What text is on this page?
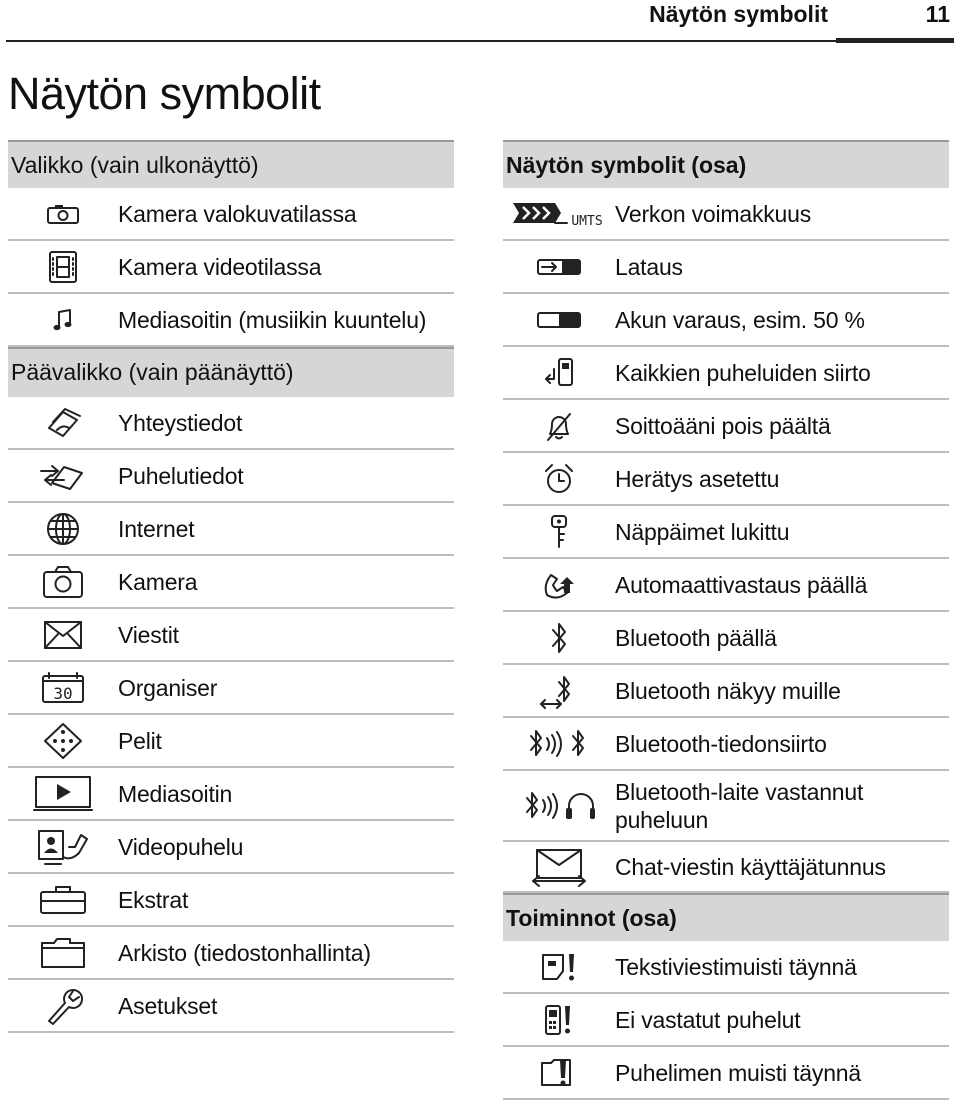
Näytön symbolit	11
Näytön symbolit
Valikko (vain ulkonäyttö)
Kamera valokuvatilassa
Kamera videotilassa
Mediasoitin (musiikin kuuntelu)
Päävalikko (vain päänäyttö)
Yhteystiedot
Puhelutiedot
Internet
Kamera
Viestit
30 Organiser
Pelit
Mediasoitin
Videopuhelu
Ekstrat
Arkisto (tiedostonhallinta)
Asetukset
Näytön symbolit (osa)
UMTS Verkon voimakkuus
Lataus
Akun varaus, esim. 50 %
Kaikkien puheluiden siirto
Soittoääni pois päältä
Herätys asetettu
Näppäimet lukittu
Automaattivastaus päällä
Bluetooth päällä
Bluetooth näkyy muille
Bluetooth-tiedonsiirto
Bluetooth-laite vastannut puheluun
Chat-viestin käyttäjätunnus
Toiminnot (osa)
Tekstiviestimuisti täynnä
Ei vastatut puhelut
Puhelimen muisti täynnä
